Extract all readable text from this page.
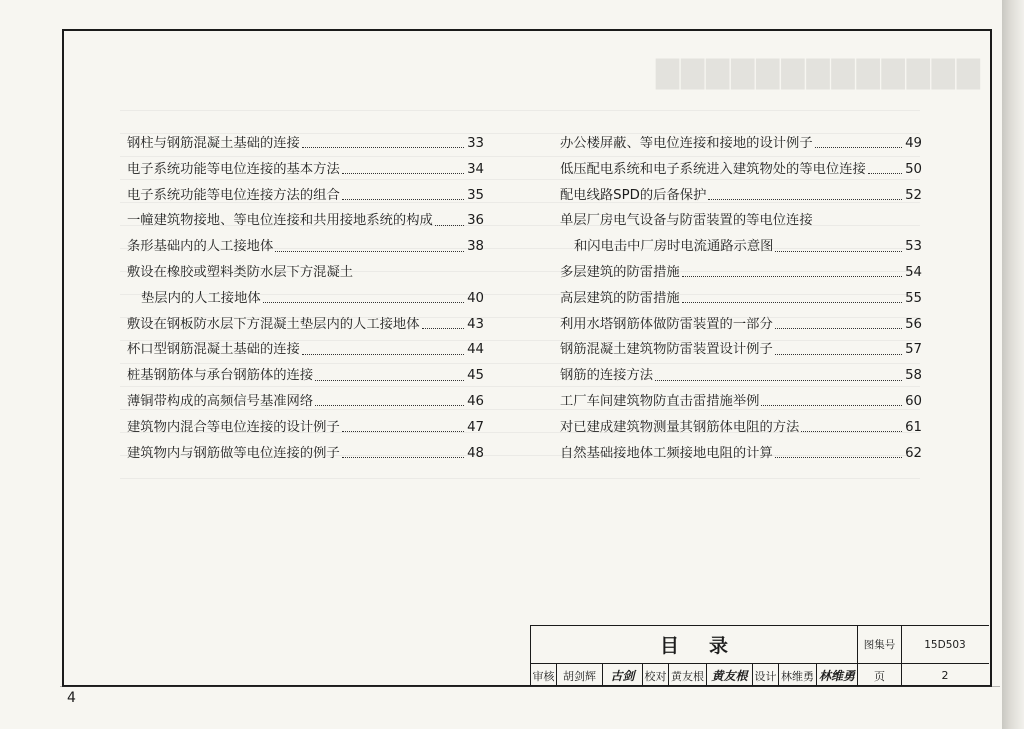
▇▇▇▇▇▇▇▇▇▇▇▇▇
钢柱与钢筋混凝土基础的连接	33
电子系统功能等电位连接的基本方法	34
电子系统功能等电位连接方法的组合	35
一幢建筑物接地、等电位连接和共用接地系统的构成	36
条形基础内的人工接地体	38
敷设在橡胶或塑料类防水层下方混凝土
垫层内的人工接地体	40
敷设在钢板防水层下方混凝土垫层内的人工接地体	43
杯口型钢筋混凝土基础的连接	44
桩基钢筋体与承台钢筋体的连接	45
薄铜带构成的高频信号基准网络	46
建筑物内混合等电位连接的设计例子	47
建筑物内与钢筋做等电位连接的例子	48
办公楼屏蔽、等电位连接和接地的设计例子	49
低压配电系统和电子系统进入建筑物处的等电位连接	50
配电线路SPD的后备保护	52
单层厂房电气设备与防雷装置的等电位连接
和闪电击中厂房时电流通路示意图	53
多层建筑的防雷措施	54
高层建筑的防雷措施	55
利用水塔钢筋体做防雷装置的一部分	56
钢筋混凝土建筑物防雷装置设计例子	57
钢筋的连接方法	58
工厂车间建筑物防直击雷措施举例	60
对已建成建筑物测量其钢筋体电阻的方法	61
自然基础接地体工频接地电阻的计算	62
目录	图集号	15D503
审核 胡剑辉	古剑 校对 黄友根 黄友根 设计 林维勇 林维勇	页	2
4
